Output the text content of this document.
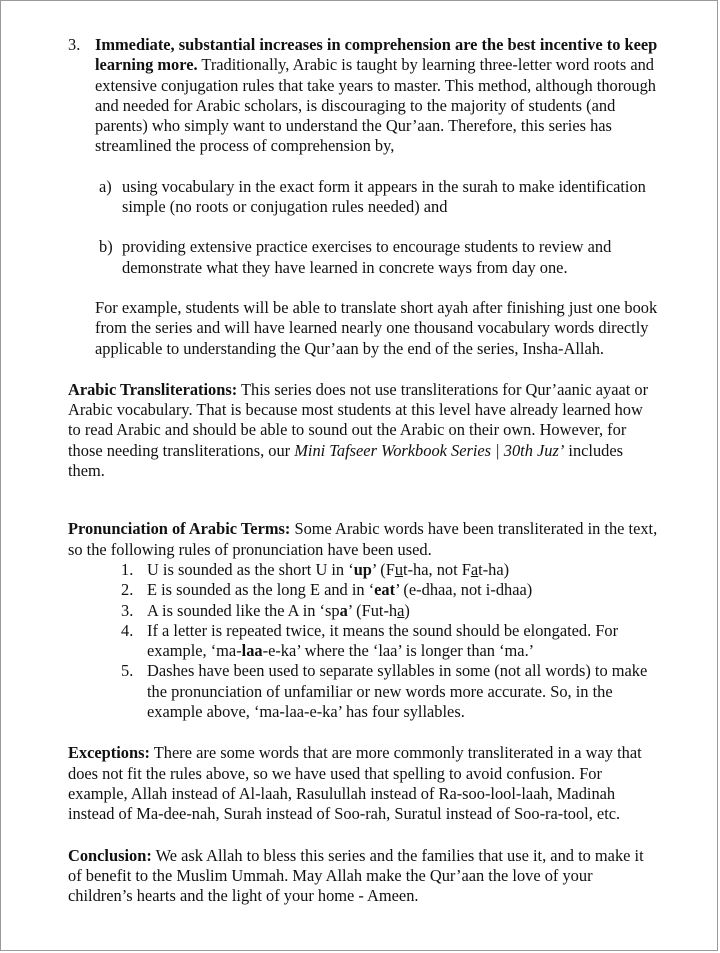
3. Immediate, substantial increases in comprehension are the best incentive to keep learning more. Traditionally, Arabic is taught by learning three-letter word roots and extensive conjugation rules that take years to master. This method, although thorough and needed for Arabic scholars, is discouraging to the majority of students (and parents) who simply want to understand the Qur’aan. Therefore, this series has streamlined the process of comprehension by,

a) using vocabulary in the exact form it appears in the surah to make identification simple (no roots or conjugation rules needed) and

b) providing extensive practice exercises to encourage students to review and demonstrate what they have learned in concrete ways from day one.

For example, students will be able to translate short ayah after finishing just one book from the series and will have learned nearly one thousand vocabulary words directly applicable to understanding the Qur’aan by the end of the series, Insha-Allah.

Arabic Transliterations: This series does not use transliterations for Qur’aanic ayaat or Arabic vocabulary. That is because most students at this level have already learned how to read Arabic and should be able to sound out the Arabic on their own. However, for those needing transliterations, our Mini Tafseer Workbook Series | 30th Juz’ includes them.

Pronunciation of Arabic Terms: Some Arabic words have been transliterated in the text, so the following rules of pronunciation have been used.

1. U is sounded as the short U in ‘up’ (Fut-ha, not Fat-ha)
2. E is sounded as the long E and in ‘eat’ (e-dhaa, not i-dhaa)
3. A is sounded like the A in ‘spa’ (Fut-ha)
4. If a letter is repeated twice, it means the sound should be elongated. For example, ‘ma-laa-e-ka’ where the ‘laa’ is longer than ‘ma.’
5. Dashes have been used to separate syllables in some (not all words) to make the pronunciation of unfamiliar or new words more accurate. So, in the example above, ‘ma-laa-e-ka’ has four syllables.

Exceptions: There are some words that are more commonly transliterated in a way that does not fit the rules above, so we have used that spelling to avoid confusion. For example, Allah instead of Al-laah, Rasulullah instead of Ra-soo-lool-laah, Madinah instead of Ma-dee-nah, Surah instead of Soo-rah, Suratul instead of Soo-ra-tool, etc.

Conclusion: We ask Allah to bless this series and the families that use it, and to make it of benefit to the Muslim Ummah. May Allah make the Qur’aan the love of your children’s hearts and the light of your home - Ameen.
